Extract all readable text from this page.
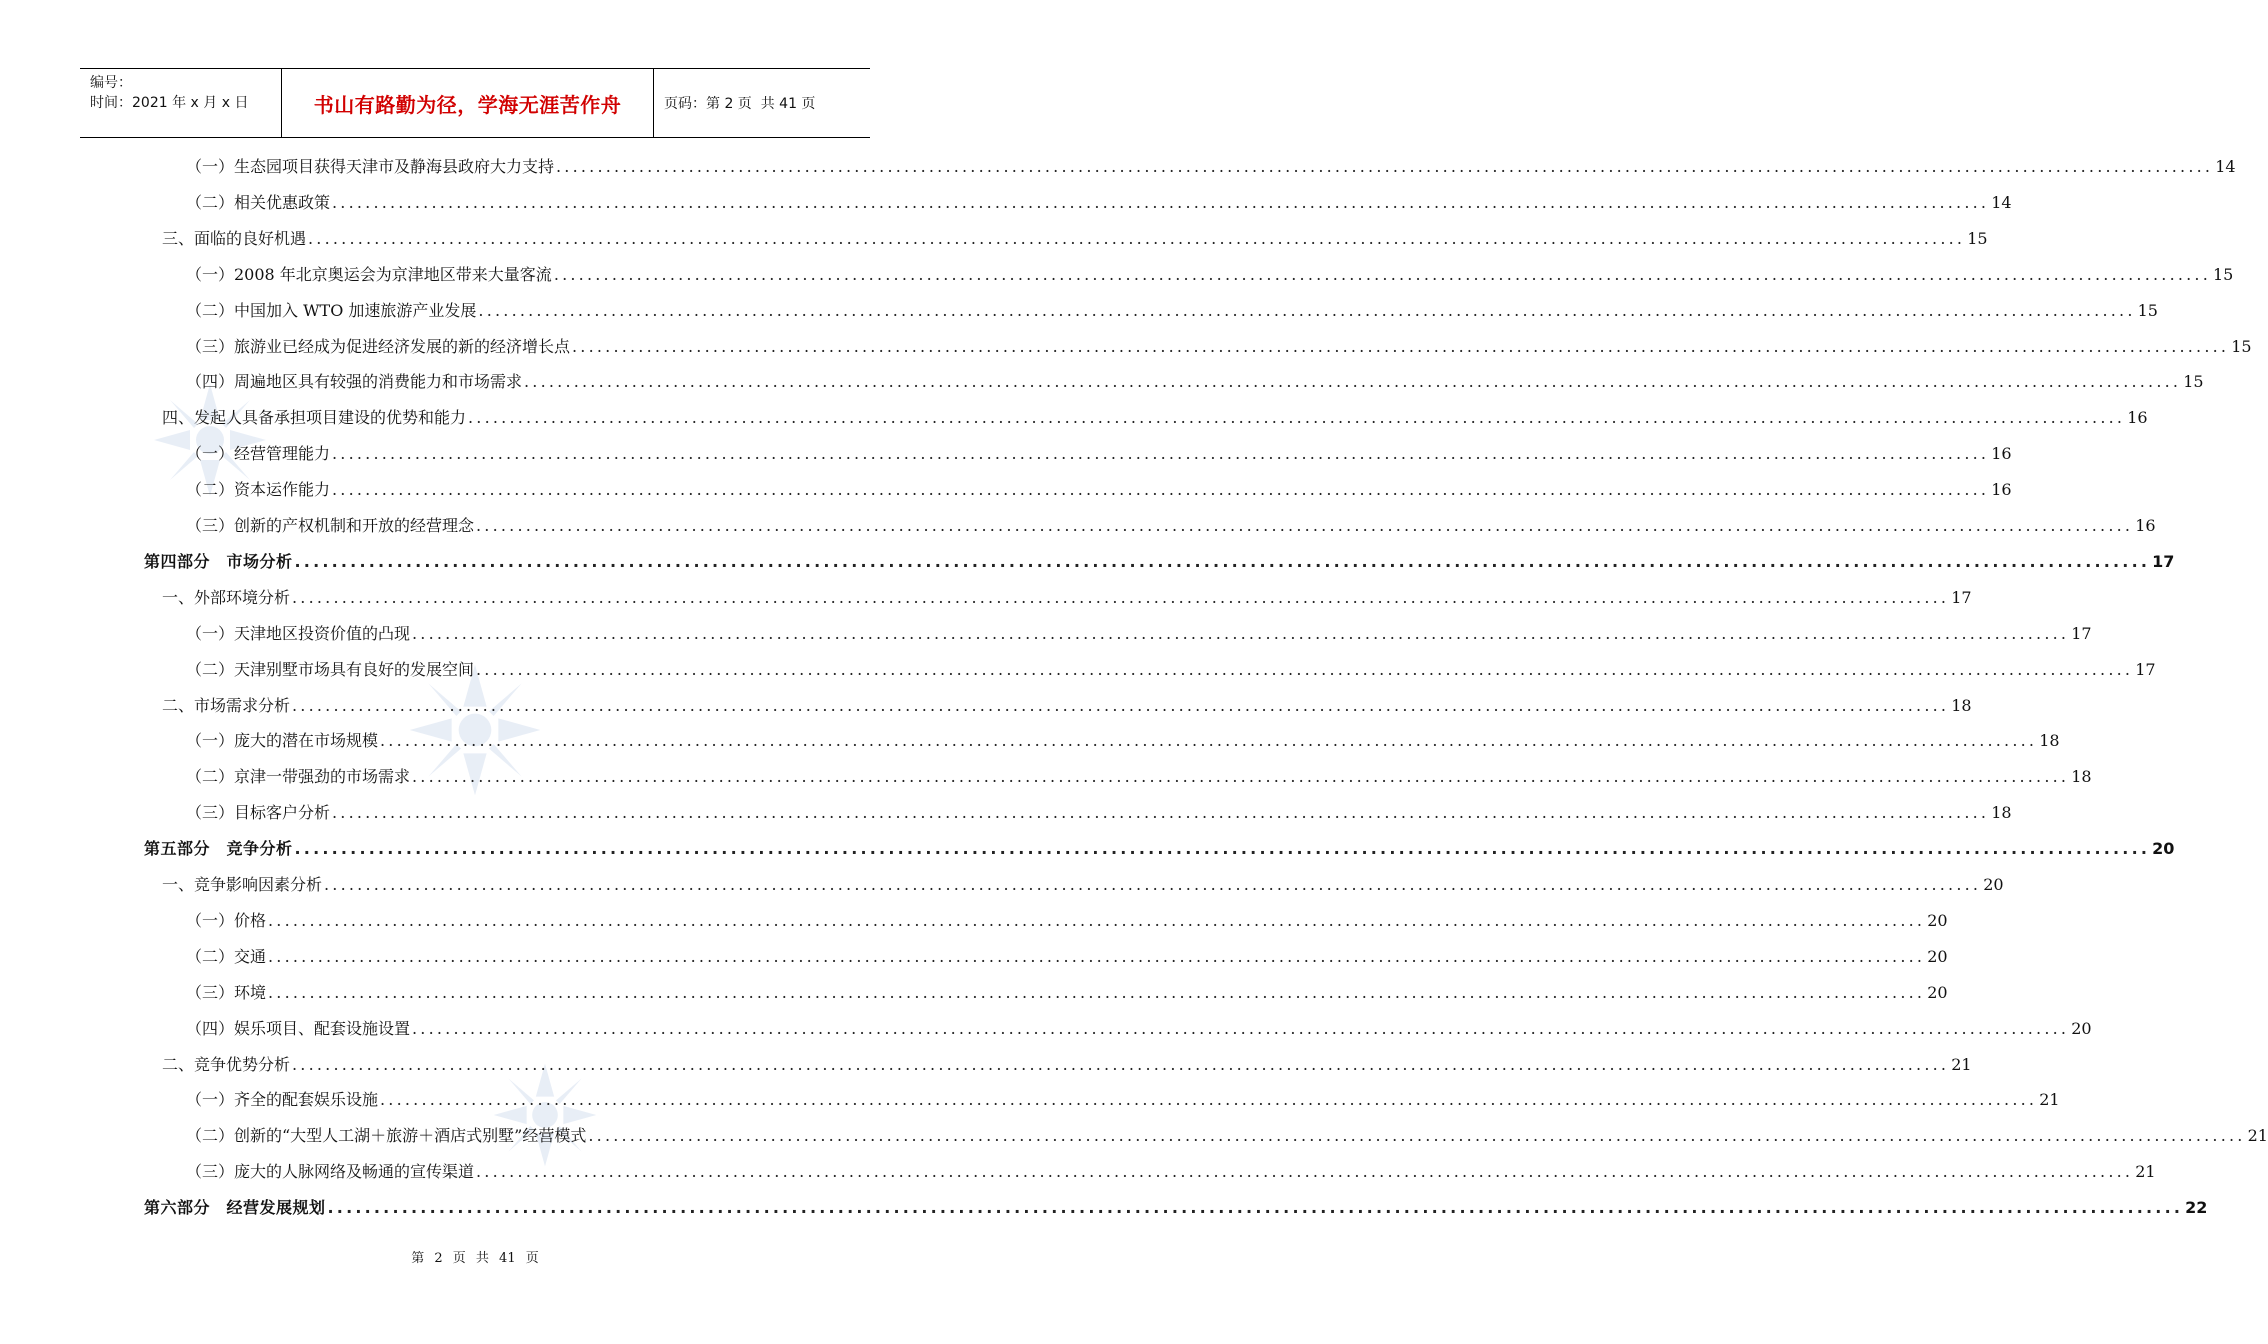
编号：
时间：2021 年 x 月 x 日	书山有路勤为径，学海无涯苦作舟	页码：第 2 页  共 41 页
（一）生态园项目获得天津市及静海县政府大力支持 ........................................................................................................................................................................................................ 14
（二）相关优惠政策 ........................................................................................................................................................................................................ 14
三、面临的良好机遇 ........................................................................................................................................................................................................ 15
（一）2008 年北京奥运会为京津地区带来大量客流 ........................................................................................................................................................................................................ 15
（二）中国加入 WTO 加速旅游产业发展 ........................................................................................................................................................................................................ 15
（三）旅游业已经成为促进经济发展的新的经济增长点 ........................................................................................................................................................................................................ 15
（四）周遍地区具有较强的消费能力和市场需求 ........................................................................................................................................................................................................ 15
四、发起人具备承担项目建设的优势和能力 ........................................................................................................................................................................................................ 16
（一）经营管理能力 ........................................................................................................................................................................................................ 16
（二）资本运作能力 ........................................................................................................................................................................................................ 16
（三）创新的产权机制和开放的经营理念 ........................................................................................................................................................................................................ 16
第四部分　市场分析 ........................................................................................................................................................................................................ 17
一、外部环境分析 ........................................................................................................................................................................................................ 17
（一）天津地区投资价值的凸现 ........................................................................................................................................................................................................ 17
（二）天津别墅市场具有良好的发展空间 ........................................................................................................................................................................................................ 17
二、市场需求分析 ........................................................................................................................................................................................................ 18
（一）庞大的潜在市场规模 ........................................................................................................................................................................................................ 18
（二）京津一带强劲的市场需求 ........................................................................................................................................................................................................ 18
（三）目标客户分析 ........................................................................................................................................................................................................ 18
第五部分　竞争分析 ........................................................................................................................................................................................................ 20
一、竞争影响因素分析 ........................................................................................................................................................................................................ 20
（一）价格 ........................................................................................................................................................................................................ 20
（二）交通 ........................................................................................................................................................................................................ 20
（三）环境 ........................................................................................................................................................................................................ 20
（四）娱乐项目、配套设施设置 ........................................................................................................................................................................................................ 20
二、竞争优势分析 ........................................................................................................................................................................................................ 21
（一）齐全的配套娱乐设施 ........................................................................................................................................................................................................ 21
（二）创新的“大型人工湖＋旅游＋酒店式别墅”经营模式 ........................................................................................................................................................................................................ 21
（三）庞大的人脉网络及畅通的宣传渠道 ........................................................................................................................................................................................................ 21
第六部分　经营发展规划 ........................................................................................................................................................................................................ 22
第 2 页 共 41 页
